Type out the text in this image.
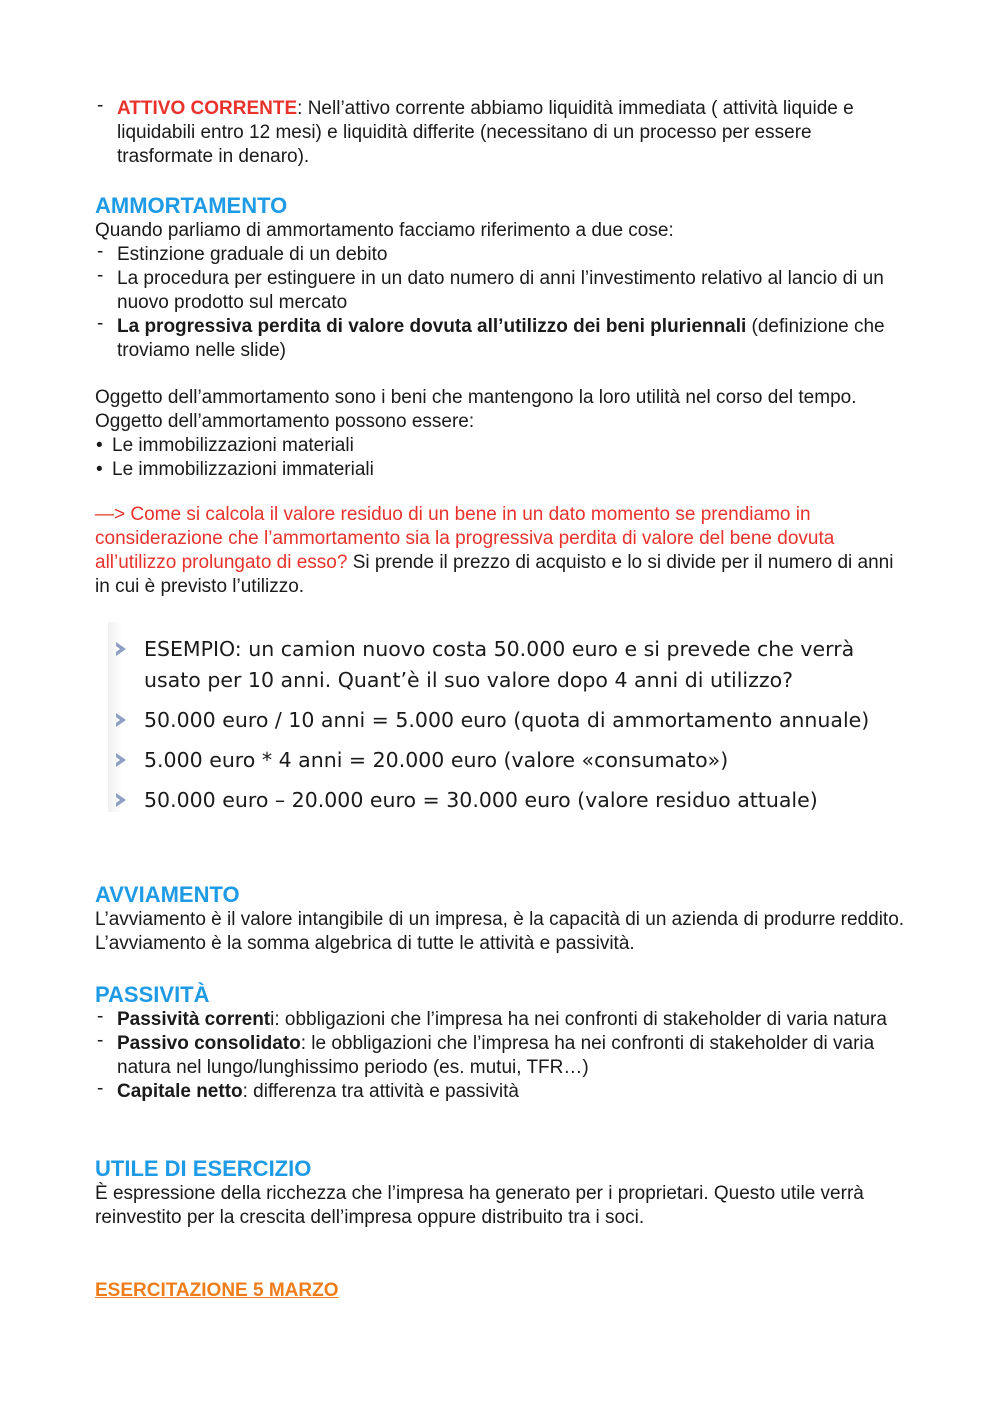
- ATTIVO CORRENTE: Nell’attivo corrente abbiamo liquidità immediata ( attività liquide e liquidabili entro 12 mesi) e liquidità differite (necessitano di un processo per essere trasformate in denaro).
AMMORTAMENTO

Quando parliamo di ammortamento facciamo riferimento a due cose:

- Estinzione graduale di un debito
- La procedura per estinguere in un dato numero di anni l’investimento relativo al lancio di un nuovo prodotto sul mercato
- La progressiva perdita di valore dovuta all’utilizzo dei beni pluriennali (definizione che troviamo nelle slide)

Oggetto dell’ammortamento sono i beni che mantengono la loro utilità nel corso del tempo. Oggetto dell’ammortamento possono essere:

• Le immobilizzazioni materiali
• Le immobilizzazioni immateriali

—> Come si calcola il valore residuo di un bene in un dato momento se prendiamo in considerazione che l’ammortamento sia la progressiva perdita di valore del bene dovuta all’utilizzo prolungato di esso? Si prende il prezzo di acquisto e lo si divide per il numero di anni in cui è previsto l’utilizzo.

ESEMPIO: un camion nuovo costa 50.000 euro e si prevede che verrà usato per 10 anni. Quant’è il suo valore dopo 4 anni di utilizzo?
50.000 euro / 10 anni = 5.000 euro (quota di ammortamento annuale)
5.000 euro * 4 anni = 20.000 euro (valore «consumato»)
50.000 euro – 20.000 euro = 30.000 euro (valore residuo attuale)
AVVIAMENTO

L’avviamento è il valore intangibile di un impresa, è la capacità di un azienda di produrre reddito. L’avviamento è la somma algebrica di tutte le attività e passività.

PASSIVITÀ
- Passività correnti: obbligazioni che l’impresa ha nei confronti di stakeholder di varia natura
- Passivo consolidato: le obbligazioni che l’impresa ha nei confronti di stakeholder di varia natura nel lungo/lunghissimo periodo (es. mutui, TFR…)
- Capitale netto: differenza tra attività e passività
UTILE DI ESERCIZIO

È espressione della ricchezza che l’impresa ha generato per i proprietari. Questo utile verrà reinvestito per la crescita dell’impresa oppure distribuito tra i soci.

ESERCITAZIONE 5 MARZO
